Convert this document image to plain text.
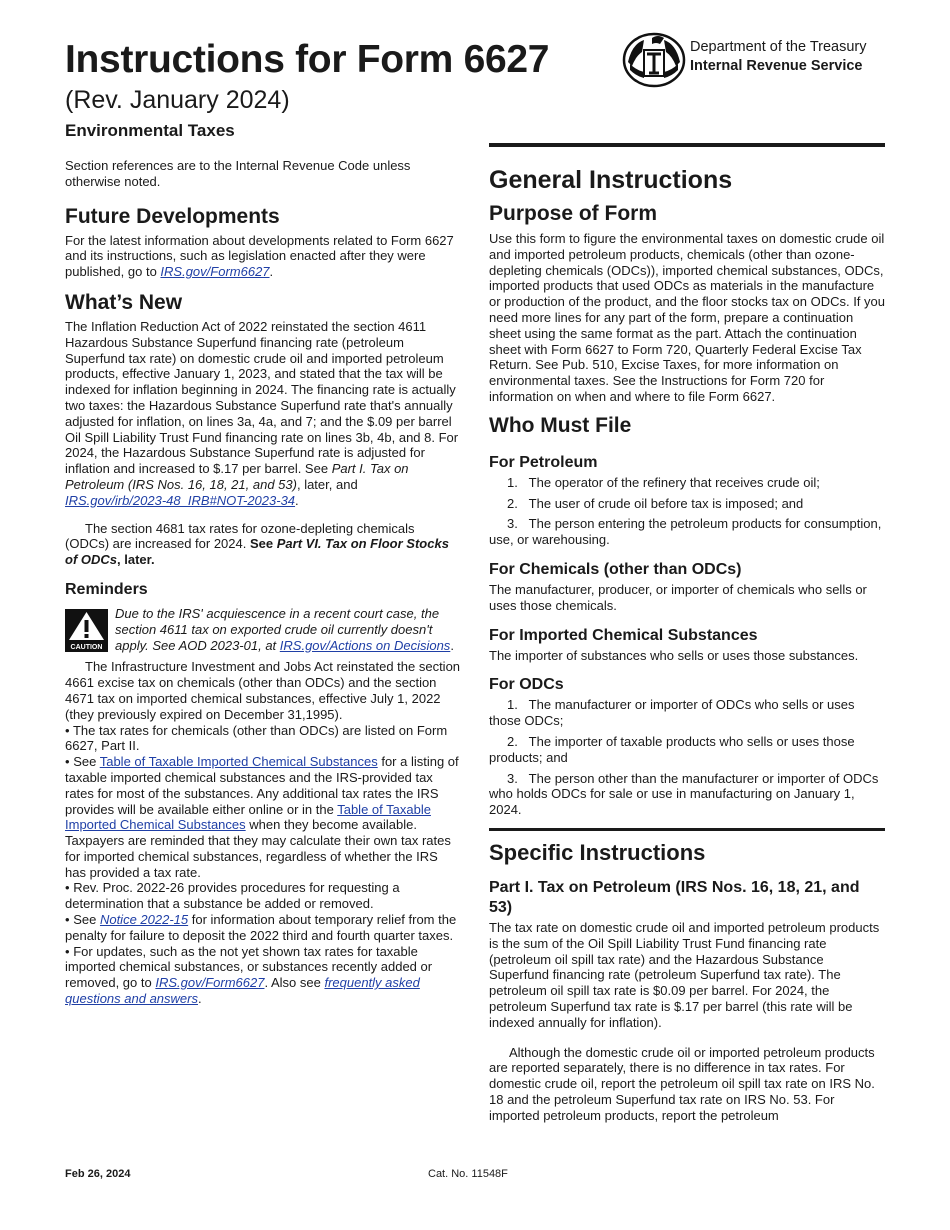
Instructions for Form 6627
(Rev. January 2024)
Environmental Taxes
Department of the Treasury
Internal Revenue Service

Section references are to the Internal Revenue Code unless otherwise noted.

Future Developments

For the latest information about developments related to Form 6627 and its instructions, such as legislation enacted after they were published, go to IRS.gov/Form6627.

What’s New

The Inflation Reduction Act of 2022 reinstated the section 4611 Hazardous Substance Superfund financing rate (petroleum Superfund tax rate) on domestic crude oil and imported petroleum products, effective January 1, 2023, and stated that the tax will be indexed for inflation beginning in 2024. The financing rate is actually two taxes: the Hazardous Substance Superfund rate that's annually adjusted for inflation, on lines 3a, 4a, and 7; and the $.09 per barrel Oil Spill Liability Trust Fund financing rate on lines 3b, 4b, and 8. For 2024, the Hazardous Substance Superfund rate is adjusted for inflation and increased to $.17 per barrel. See Part I. Tax on Petroleum (IRS Nos. 16, 18, 21, and 53), later, and IRS.gov/irb/2023-48_IRB#NOT-2023-34.

The section 4681 tax rates for ozone-depleting chemicals (ODCs) are increased for 2024. See Part VI. Tax on Floor Stocks of ODCs, later.

Reminders
CAUTION
Due to the IRS' acquiescence in a recent court case, the section 4611 tax on exported crude oil currently doesn't apply. See AOD 2023-01, at IRS.gov/Actions on Decisions.

The Infrastructure Investment and Jobs Act reinstated the section 4661 excise tax on chemicals (other than ODCs) and the section 4671 tax on imported chemical substances, effective July 1, 2022 (they previously expired on December 31,1995).

• The tax rates for chemicals (other than ODCs) are listed on Form 6627, Part II.

• See Table of Taxable Imported Chemical Substances for a listing of taxable imported chemical substances and the IRS-provided tax rates for most of the substances. Any additional tax rates the IRS provides will be available either online or in the Table of Taxable Imported Chemical Substances when they become available. Taxpayers are reminded that they may calculate their own tax rates for imported chemical substances, regardless of whether the IRS has provided a tax rate.

• Rev. Proc. 2022-26 provides procedures for requesting a determination that a substance be added or removed.

• See Notice 2022-15 for information about temporary relief from the penalty for failure to deposit the 2022 third and fourth quarter taxes.

• For updates, such as the not yet shown tax rates for taxable imported chemical substances, or substances recently added or removed, go to IRS.gov/Form6627. Also see frequently asked questions and answers.

General Instructions
Purpose of Form

Use this form to figure the environmental taxes on domestic crude oil and imported petroleum products, chemicals (other than ozone-depleting chemicals (ODCs)), imported chemical substances, ODCs, imported products that used ODCs as materials in the manufacture or production of the product, and the floor stocks tax on ODCs. If you need more lines for any part of the form, prepare a continuation sheet using the same format as the part. Attach the continuation sheet with Form 6627 to Form 720, Quarterly Federal Excise Tax Return. See Pub. 510, Excise Taxes, for more information on environmental taxes. See the Instructions for Form 720 for information on when and where to file Form 6627.

Who Must File
For Petroleum

1.   The operator of the refinery that receives crude oil;

2.   The user of crude oil before tax is imposed; and

3.   The person entering the petroleum products for consumption, use, or warehousing.

For Chemicals (other than ODCs)

The manufacturer, producer, or importer of chemicals who sells or uses those chemicals.

For Imported Chemical Substances

The importer of substances who sells or uses those substances.

For ODCs

1.   The manufacturer or importer of ODCs who sells or uses those ODCs;

2.   The importer of taxable products who sells or uses those products; and

3.   The person other than the manufacturer or importer of ODCs who holds ODCs for sale or use in manufacturing on January 1, 2024.

Specific Instructions
Part I. Tax on Petroleum (IRS Nos. 16, 18, 21, and 53)

The tax rate on domestic crude oil and imported petroleum products is the sum of the Oil Spill Liability Trust Fund financing rate (petroleum oil spill tax rate) and the Hazardous Substance Superfund financing rate (petroleum Superfund tax rate). The petroleum oil spill tax rate is $0.09 per barrel. For 2024, the petroleum Superfund tax rate is $.17 per barrel (this rate will be indexed annually for inflation).

Although the domestic crude oil or imported petroleum products are reported separately, there is no difference in tax rates. For domestic crude oil, report the petroleum oil spill tax rate on IRS No. 18 and the petroleum Superfund tax rate on IRS No. 53. For imported petroleum products, report the petroleum

Feb 26, 2024	Cat. No. 11548F
